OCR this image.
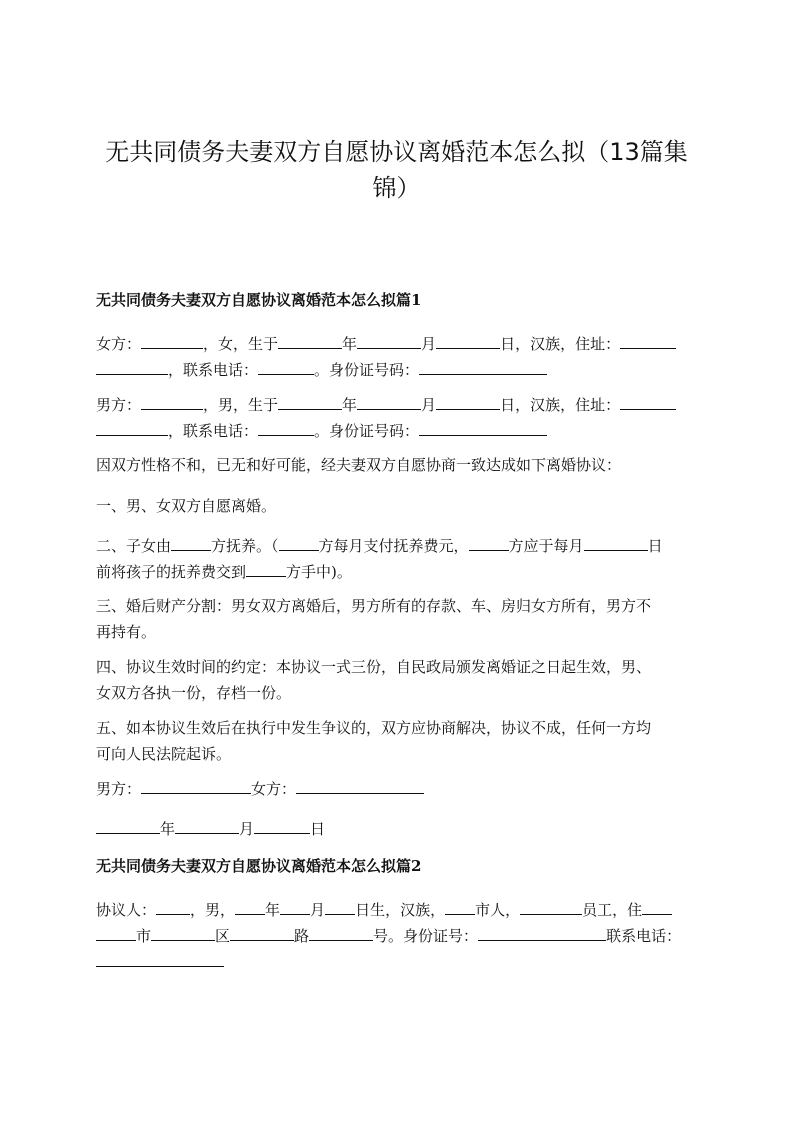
无共同债务夫妻双方自愿协议离婚范本怎么拟（13篇集
锦）
无共同债务夫妻双方自愿协议离婚范本怎么拟篇1
女方：	，女，生于	年	月	日，汉族，住址：
，联系电话：	。身份证号码：
男方：	，男，生于	年	月	日，汉族，住址：
，联系电话：	。身份证号码：
因双方性格不和，已无和好可能，经夫妻双方自愿协商一致达成如下离婚协议：
一、男、女双方自愿离婚。
二、子女由	方抚养。（	方每月支付抚养费元，	方应于每月	日
前将孩子的抚养费交到	方手中)。
三、婚后财产分割：男女双方离婚后，男方所有的存款、车、房归女方所有，男方不
再持有。
四、协议生效时间的约定：本协议一式三份，自民政局颁发离婚证之日起生效，男、
女双方各执一份，存档一份。
五、如本协议生效后在执行中发生争议的，双方应协商解决，协议不成，任何一方均
可向人民法院起诉。
男方：	女方：
年	月	日
无共同债务夫妻双方自愿协议离婚范本怎么拟篇2
协议人： ，男， 年 月 日生，汉族， 市人，	员工，住
市	区	路	号。身份证号：	联系电话：
